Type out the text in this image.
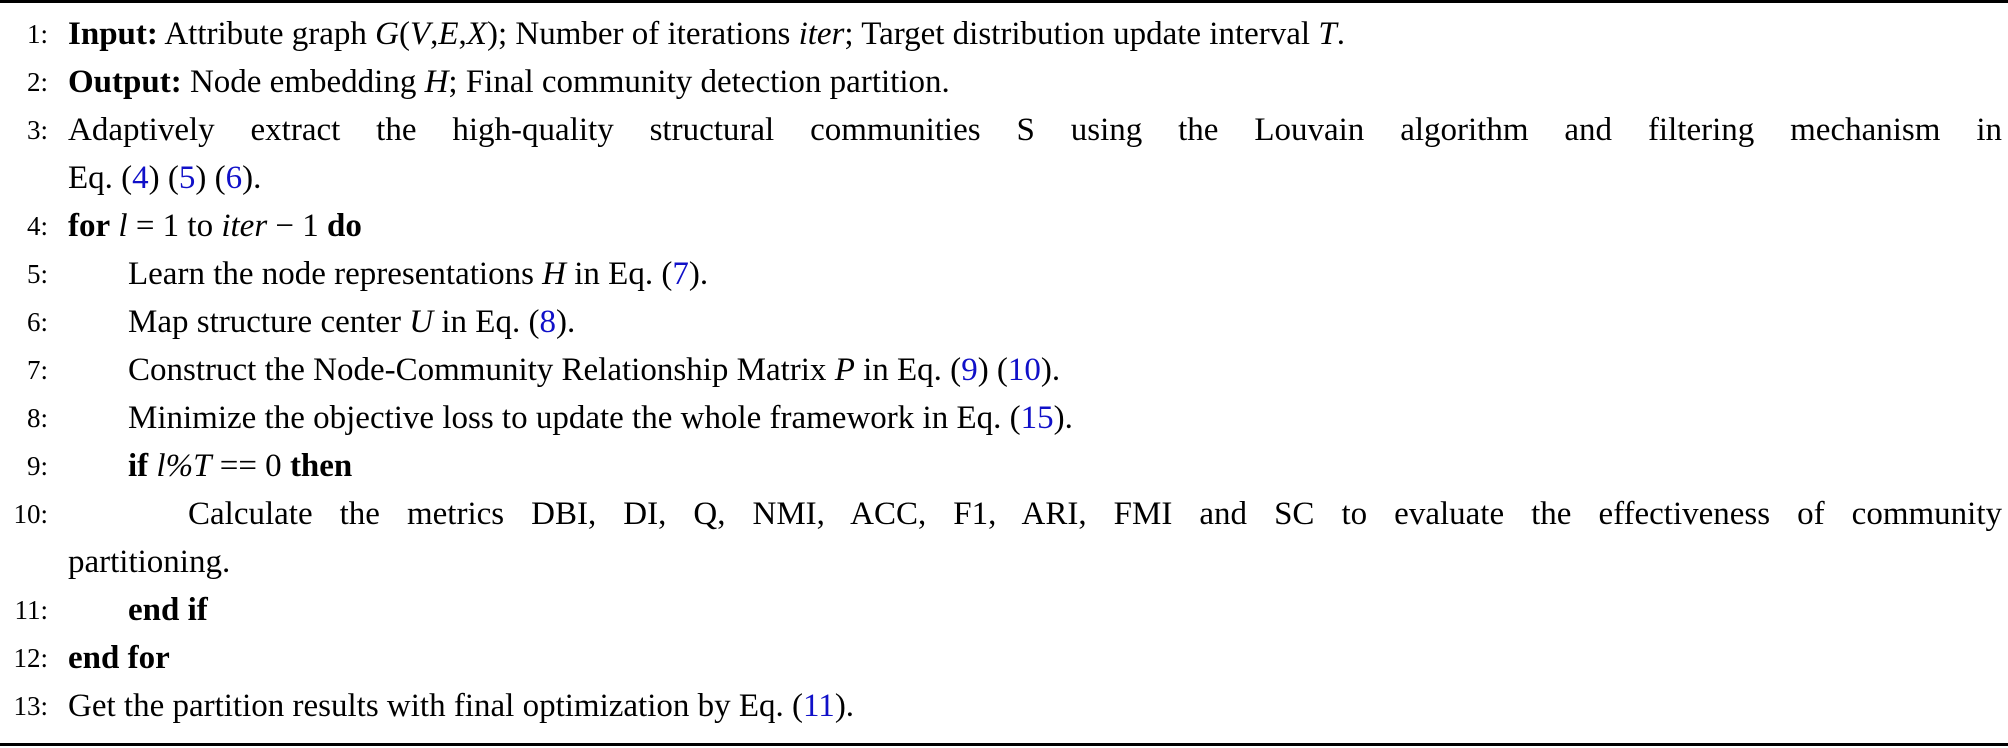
1: Input: Attribute graph G(V,E,X); Number of iterations iter; Target distribution update interval T.
2: Output: Node embedding H; Final community detection partition.
3: Adaptively extract the high-quality structural communities S using the Louvain algorithm and filtering mechanism in
Eq. (4) (5) (6).
4: for l = 1 to iter − 1 do
5: Learn the node representations H in Eq. (7).
6: Map structure center U in Eq. (8).
7: Construct the Node-Community Relationship Matrix P in Eq. (9) (10).
8: Minimize the objective loss to update the whole framework in Eq. (15).
9: if l%T == 0 then
10:	Calculate the metrics DBI, DI, Q, NMI, ACC, F1, ARI, FMI and SC to evaluate the effectiveness of community
partitioning.
11: end if
12: end for
13: Get the partition results with final optimization by Eq. (11).
